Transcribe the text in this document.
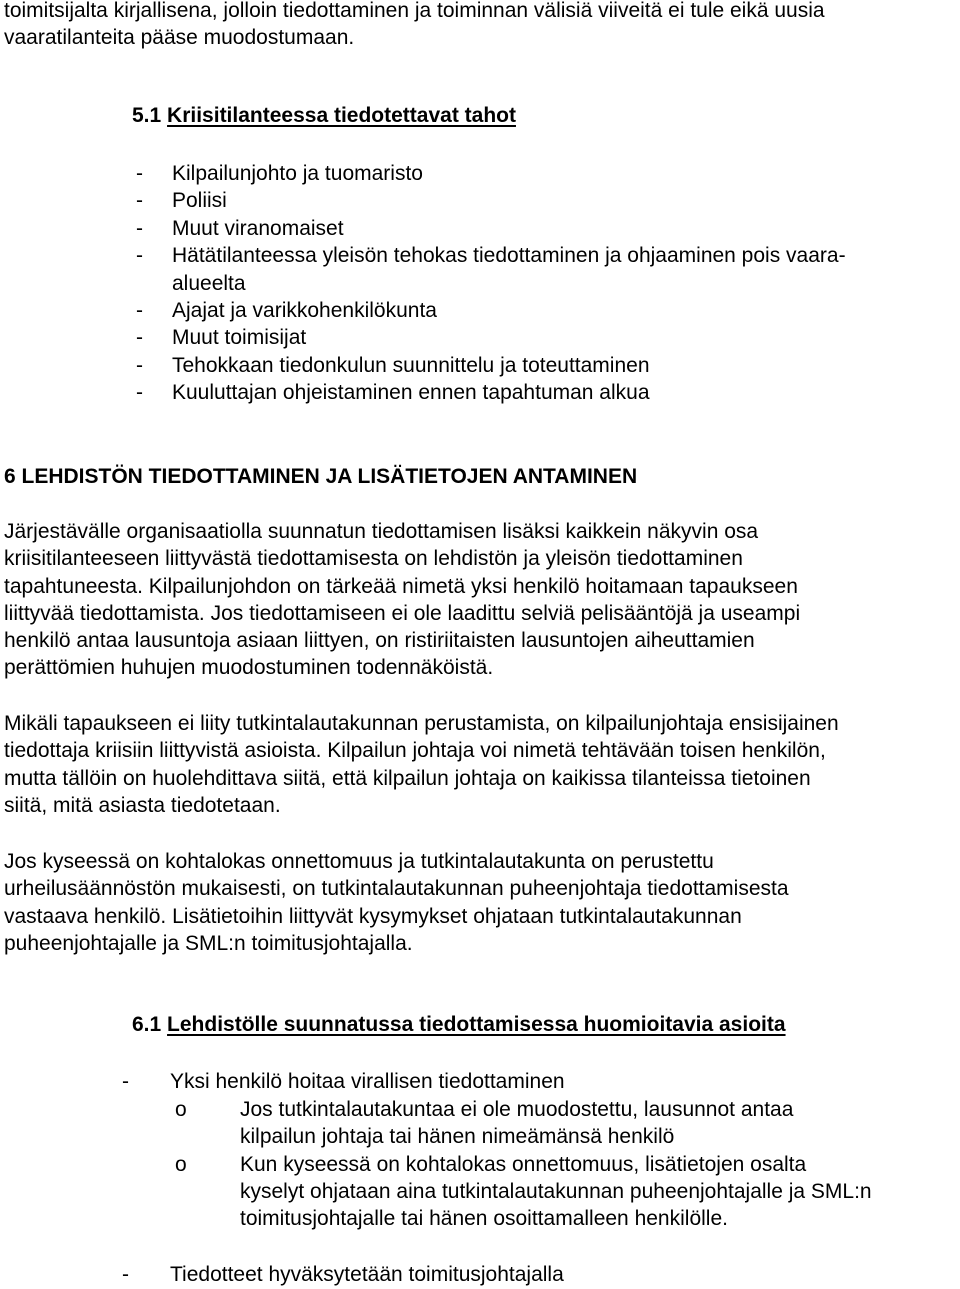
toimitsijalta kirjallisena, jolloin tiedottaminen ja toiminnan välisiä viiveitä ei tule eikä uusia

vaaratilanteita pääse muodostumaan.

5.1 Kriisitilanteessa tiedotettavat tahot
- Kilpailunjohto ja tuomaristo
- Poliisi
- Muut viranomaiset
- Hätätilanteessa yleisön tehokas tiedottaminen ja ohjaaminen pois vaara-
alueelta
- Ajajat ja varikkohenkilökunta
- Muut toimisijat
- Tehokkaan tiedonkulun suunnittelu ja toteuttaminen
- Kuuluttajan ohjeistaminen ennen tapahtuman alkua
6 LEHDISTÖN TIEDOTTAMINEN JA LISÄTIETOJEN ANTAMINEN

Järjestävälle organisaatiolla suunnatun tiedottamisen lisäksi kaikkein näkyvin osa

kriisitilanteeseen liittyvästä tiedottamisesta on lehdistön ja yleisön tiedottaminen

tapahtuneesta. Kilpailunjohdon on tärkeää nimetä yksi henkilö hoitamaan tapaukseen

liittyvää tiedottamista. Jos tiedottamiseen ei ole laadittu selviä pelisääntöjä ja useampi

henkilö antaa lausuntoja asiaan liittyen, on ristiriitaisten lausuntojen aiheuttamien

perättömien huhujen muodostuminen todennäköistä.

Mikäli tapaukseen ei liity tutkintalautakunnan perustamista, on kilpailunjohtaja ensisijainen

tiedottaja kriisiin liittyvistä asioista. Kilpailun johtaja voi nimetä tehtävään toisen henkilön,

mutta tällöin on huolehdittava siitä, että kilpailun johtaja on kaikissa tilanteissa tietoinen

siitä, mitä asiasta tiedotetaan.

Jos kyseessä on kohtalokas onnettomuus ja tutkintalautakunta on perustettu

urheilusäännöstön mukaisesti, on tutkintalautakunnan puheenjohtaja tiedottamisesta

vastaava henkilö. Lisätietoihin liittyvät kysymykset ohjataan tutkintalautakunnan

puheenjohtajalle ja SML:n toimitusjohtajalla.

6.1 Lehdistölle suunnatussa tiedottamisessa huomioitavia asioita
- Yksi henkilö hoitaa virallisen tiedottaminen
o	Jos tutkintalautakuntaa ei ole muodostettu, lausunnot antaa
kilpailun johtaja tai hänen nimeämänsä henkilö
o	Kun kyseessä on kohtalokas onnettomuus, lisätietojen osalta
kyselyt ohjataan aina tutkintalautakunnan puheenjohtajalle ja SML:n
toimitusjohtajalle tai hänen osoittamalleen henkilölle.
- Tiedotteet hyväksytetään toimitusjohtajalla
